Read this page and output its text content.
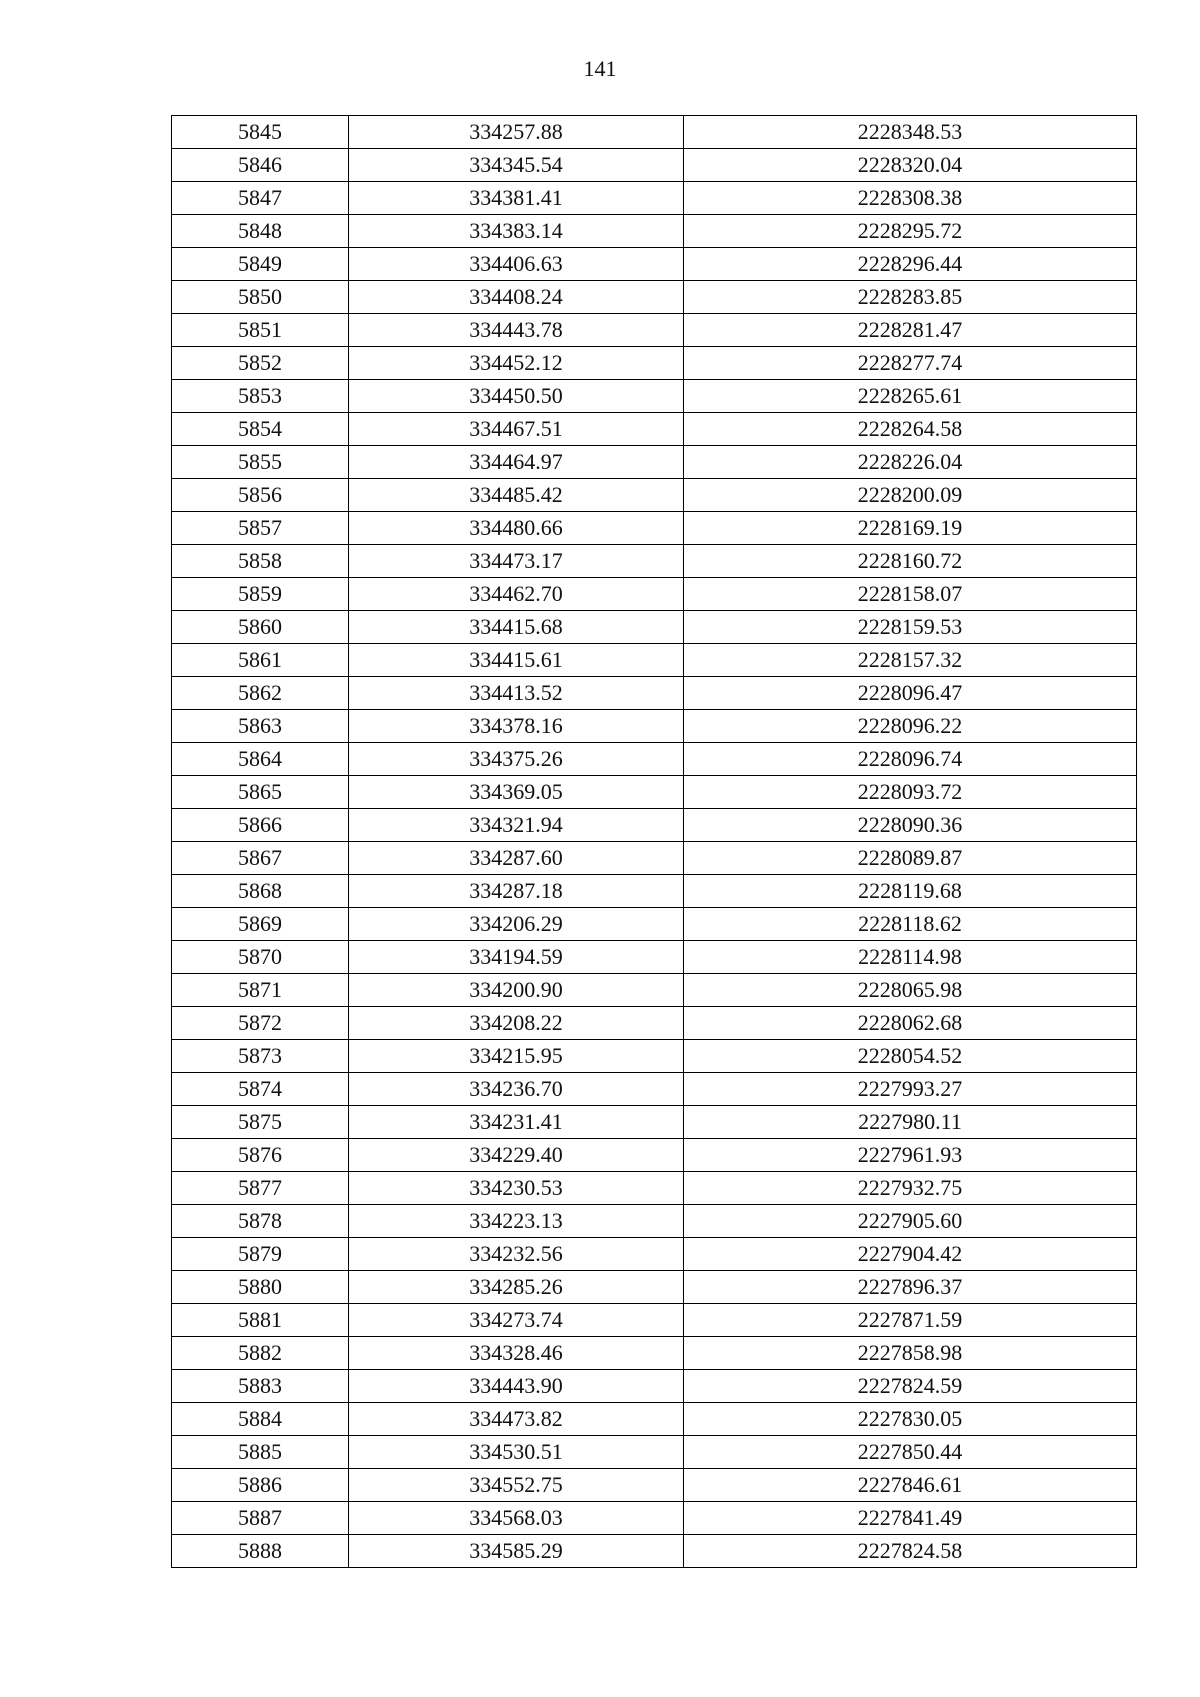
141
5845	334257.88	2228348.53
5846	334345.54	2228320.04
5847	334381.41	2228308.38
5848	334383.14	2228295.72
5849	334406.63	2228296.44
5850	334408.24	2228283.85
5851	334443.78	2228281.47
5852	334452.12	2228277.74
5853	334450.50	2228265.61
5854	334467.51	2228264.58
5855	334464.97	2228226.04
5856	334485.42	2228200.09
5857	334480.66	2228169.19
5858	334473.17	2228160.72
5859	334462.70	2228158.07
5860	334415.68	2228159.53
5861	334415.61	2228157.32
5862	334413.52	2228096.47
5863	334378.16	2228096.22
5864	334375.26	2228096.74
5865	334369.05	2228093.72
5866	334321.94	2228090.36
5867	334287.60	2228089.87
5868	334287.18	2228119.68
5869	334206.29	2228118.62
5870	334194.59	2228114.98
5871	334200.90	2228065.98
5872	334208.22	2228062.68
5873	334215.95	2228054.52
5874	334236.70	2227993.27
5875	334231.41	2227980.11
5876	334229.40	2227961.93
5877	334230.53	2227932.75
5878	334223.13	2227905.60
5879	334232.56	2227904.42
5880	334285.26	2227896.37
5881	334273.74	2227871.59
5882	334328.46	2227858.98
5883	334443.90	2227824.59
5884	334473.82	2227830.05
5885	334530.51	2227850.44
5886	334552.75	2227846.61
5887	334568.03	2227841.49
5888	334585.29	2227824.58
